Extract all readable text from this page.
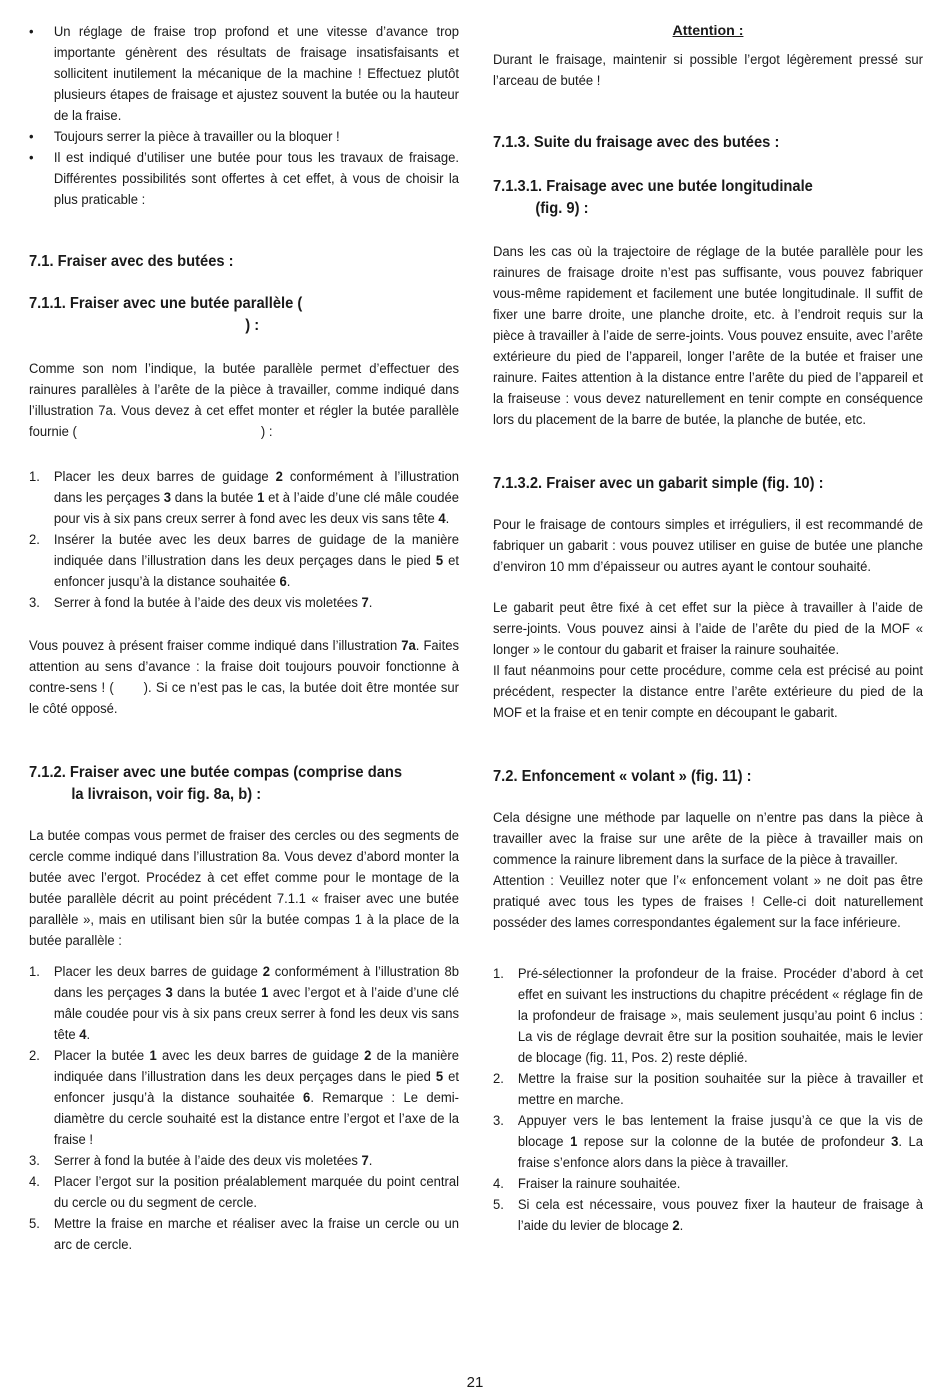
• Un réglage de fraise trop profond et une vitesse d’avance trop importante génèrent des résultats de fraisage insatisfaisants et sollicitent inutilement la mécanique de la machine ! Effectuez plutôt plusieurs étapes de fraisage et ajustez souvent la butée ou la hauteur de la fraise.
• Toujours serrer la pièce à travailler ou la bloquer !
• Il est indiqué d’utiliser une butée pour tous les travaux de fraisage. Différentes possibilités sont offertes à cet effet, à vous de choisir la plus praticable :
7.1. Fraiser avec des butées :
7.1.1. Fraiser avec une butée parallèle (
) :

Comme son nom l’indique, la butée parallèle permet d’effectuer des rainures parallèles à l’arête de la pièce à travailler, comme indiqué dans l’illustration 7a. Vous devez à cet effet monter et régler la butée parallèle fournie (	) :

1. Placer les deux barres de guidage 2 conformément à l’illustration dans les perçages 3 dans la butée 1 et à l’aide d’une clé mâle coudée pour vis à six pans creux serrer à fond avec les deux vis sans tête 4.
2. Insérer la butée avec les deux barres de guidage de la manière indiquée dans l’illustration dans les deux perçages dans le pied 5 et enfoncer jusqu’à la distance souhaitée 6.
3. Serrer à fond la butée à l’aide des deux vis moletées 7.

Vous pouvez à présent fraiser comme indiqué dans l’illustration 7a. Faites attention au sens d’avance : la fraise doit toujours pouvoir fonctionne à contre-sens ! (       ). Si ce n’est pas le cas, la butée doit être montée sur le côté opposé.

7.1.2. Fraiser avec une butée compas (comprise dans
la livraison, voir fig. 8a, b) :

La butée compas vous permet de fraiser des cercles ou des segments de cercle comme indiqué dans l’illustration 8a. Vous devez d’abord monter la butée avec l’ergot. Procédez à cet effet comme pour le montage de la butée parallèle décrit au point précédent 7.1.1 « fraiser avec une butée parallèle », mais en utilisant bien sûr la butée compas 1 à la place de la butée parallèle :

1. Placer les deux barres de guidage 2 conformément à l’illustration 8b dans les perçages 3 dans la butée 1 avec l’ergot et à l’aide d’une clé mâle coudée pour vis à six pans creux serrer à fond les deux vis sans tête 4.
2. Placer la butée 1 avec les deux barres de guidage 2 de la manière indiquée dans l’illustration dans les deux perçages dans le pied 5 et enfoncer jusqu’à la distance souhaitée 6. Remarque : Le demi-diamètre du cercle souhaité est la distance entre l’ergot et l’axe de la fraise !
3. Serrer à fond la butée à l’aide des deux vis moletées 7.
4. Placer l’ergot sur la position préalablement marquée du point central du cercle ou du segment de cercle.
5. Mettre la fraise en marche et réaliser avec la fraise un cercle ou un arc de cercle.
Attention :

Durant le fraisage, maintenir si possible l’ergot légèrement pressé sur l’arceau de butée !

7.1.3. Suite du fraisage avec des butées :
7.1.3.1. Fraisage avec une butée longitudinale
(fig. 9) :

Dans les cas où la trajectoire de réglage de la butée parallèle pour les rainures de fraisage droite n’est pas suffisante, vous pouvez fabriquer vous-même rapidement et facilement une butée longitudinale. Il suffit de fixer une barre droite, une planche droite, etc. à l’endroit requis sur la pièce à travailler à l’aide de serre-joints. Vous pouvez ensuite, avec l’arête extérieure du pied de l’appareil, longer l’arête de la butée et fraiser une rainure. Faites attention à la distance entre l’arête du pied de l’appareil et la fraiseuse : vous devez naturellement en tenir compte en conséquence lors du placement de la barre de butée, la planche de butée, etc.

7.1.3.2. Fraiser avec un gabarit simple (fig. 10) :

Pour le fraisage de contours simples et irréguliers, il est recommandé de fabriquer un gabarit : vous pouvez utiliser en guise de butée une planche d’environ 10 mm d’épaisseur ou autres ayant le contour souhaité.

Le gabarit peut être fixé à cet effet sur la pièce à travailler à l’aide de serre-joints. Vous pouvez ainsi à l’aide de l’arête du pied de la MOF « longer » le contour du gabarit et fraiser la rainure souhaitée.

Il faut néanmoins pour cette procédure, comme cela est précisé au point précédent, respecter la distance entre l’arête extérieure du pied de la MOF et la fraise et en tenir compte en découpant le gabarit.

7.2. Enfoncement « volant » (fig. 11) :

Cela désigne une méthode par laquelle on n’entre pas dans la pièce à travailler avec la fraise sur une arête de la pièce à travailler mais on commence la rainure librement dans la surface de la pièce à travailler.

Attention : Veuillez noter que l’« enfoncement volant » ne doit pas être pratiqué avec tous les types de fraises ! Celle-ci doit naturellement posséder des lames correspondantes également sur la face inférieure.

1. Pré-sélectionner la profondeur de la fraise. Procéder d’abord à cet effet en suivant les instructions du chapitre précédent « réglage fin de la profondeur de fraisage », mais seulement jusqu’au point 6 inclus : La vis de réglage devrait être sur la position souhaitée, mais le levier de blocage (fig. 11, Pos. 2) reste déplié.
2. Mettre la fraise sur la position souhaitée sur la pièce à travailler et mettre en marche.
3. Appuyer vers le bas lentement la fraise jusqu’à ce que la vis de blocage 1 repose sur la colonne de la butée de profondeur 3. La fraise s’enfonce alors dans la pièce à travailler.
4. Fraiser la rainure souhaitée.
5. Si cela est nécessaire, vous pouvez fixer la hauteur de fraisage à l’aide du levier de blocage 2.
21
